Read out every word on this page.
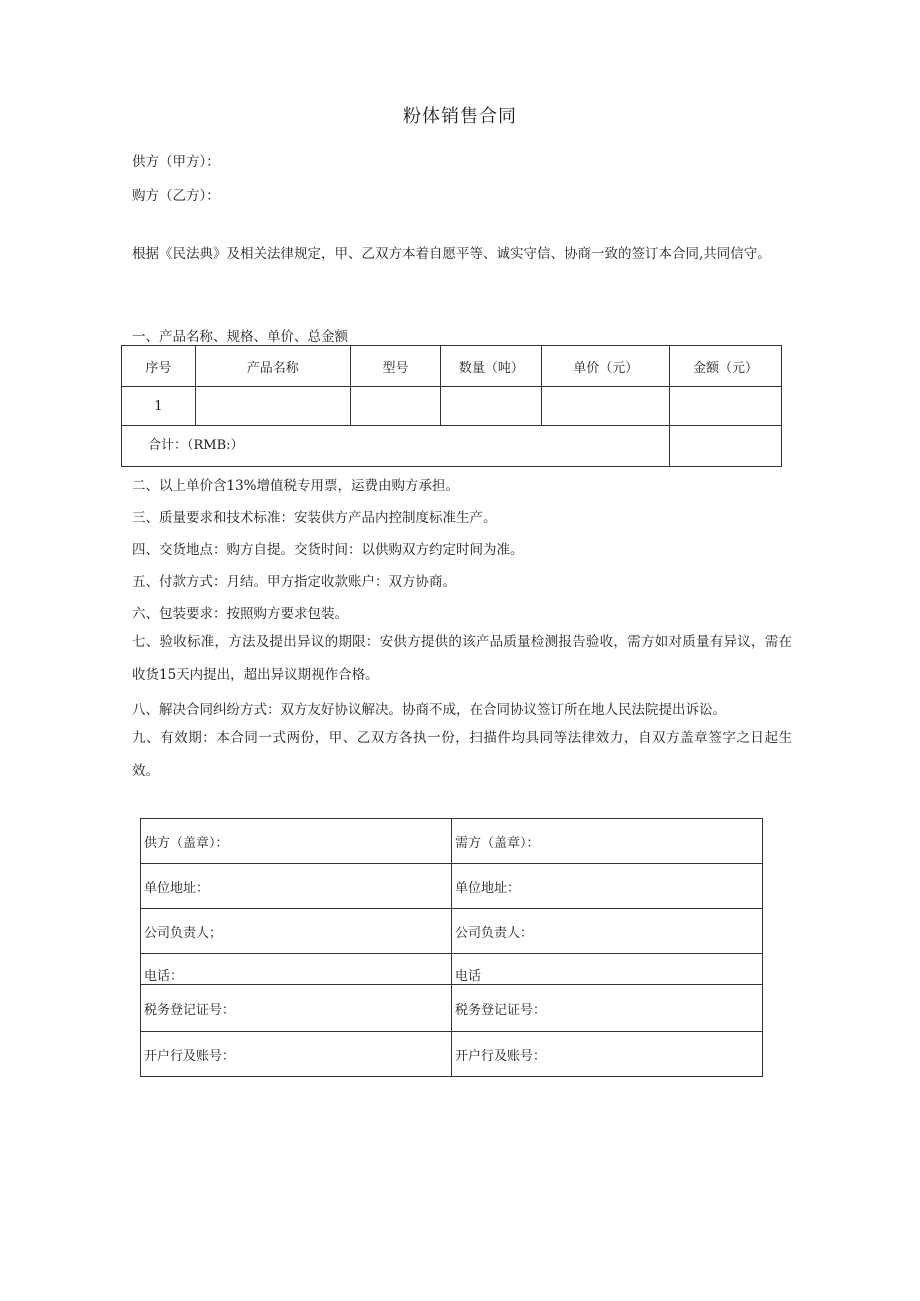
粉体销售合同
供方（甲方）：
购方（乙方）：
根据《民法典》及相关法律规定，甲、乙双方本着自愿平等、诚实守信、协商一致的签订本合同,共同信守。
一、产品名称、规格、单价、总金额
序号	产品名称	型号	数量（吨）	单价（元）	金额（元）
1					
合计：（RMB:）					
二、以上单价含13%增值税专用票，运费由购方承担。
三、质量要求和技术标准：安装供方产品内控制度标准生产。
四、交货地点：购方自提。交货时间：以供购双方约定时间为准。
五、付款方式：月结。甲方指定收款账户：双方协商。
六、包装要求：按照购方要求包装。
七、验收标准，方法及提出异议的期限：安供方提供的该产品质量检测报告验收，需方如对质量有异议，需在收货15天内提出，超出异议期视作合格。
八、解决合同纠纷方式：双方友好协议解决。协商不成，在合同协议签订所在地人民法院提出诉讼。
九、有效期：本合同一式两份，甲、乙双方各执一份，扫描件均具同等法律效力，自双方盖章签字之日起生效。
供方（盖章）：	需方（盖章）：
单位地址：	单位地址：
公司负责人；	公司负责人：
电话：	电话
税务登记证号：	税务登记证号：
开户行及账号：	开户行及账号：
